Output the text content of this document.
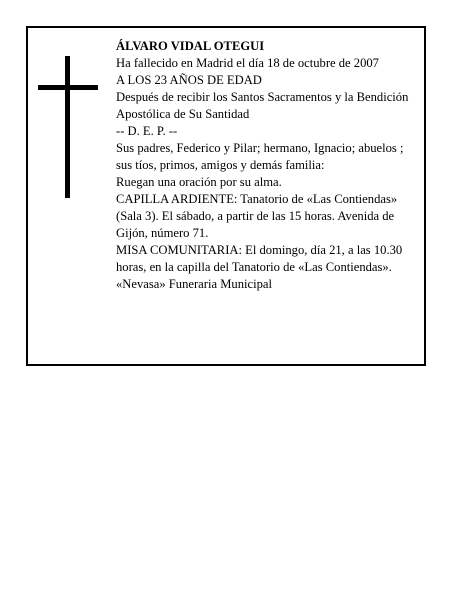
ÁLVARO VIDAL OTEGUI

Ha fallecido en Madrid el día 18 de octubre de 2007

A LOS 23 AÑOS DE EDAD

Después de recibir los Santos Sacramentos y la Bendición Apostólica de Su Santidad

-- D. E. P. --

Sus padres, Federico y Pilar; hermano, Ignacio; abuelos ; sus tíos, primos, amigos y demás familia:

Ruegan una oración por su alma.

CAPILLA ARDIENTE: Tanatorio de «Las Contiendas» (Sala 3). El sábado, a partir de las 15 horas. Avenida de Gijón, número 71.

MISA COMUNITARIA: El domingo, día 21, a las 10.30 horas, en la capilla del Tanatorio de «Las Contiendas».

«Nevasa» Funeraria Municipal
